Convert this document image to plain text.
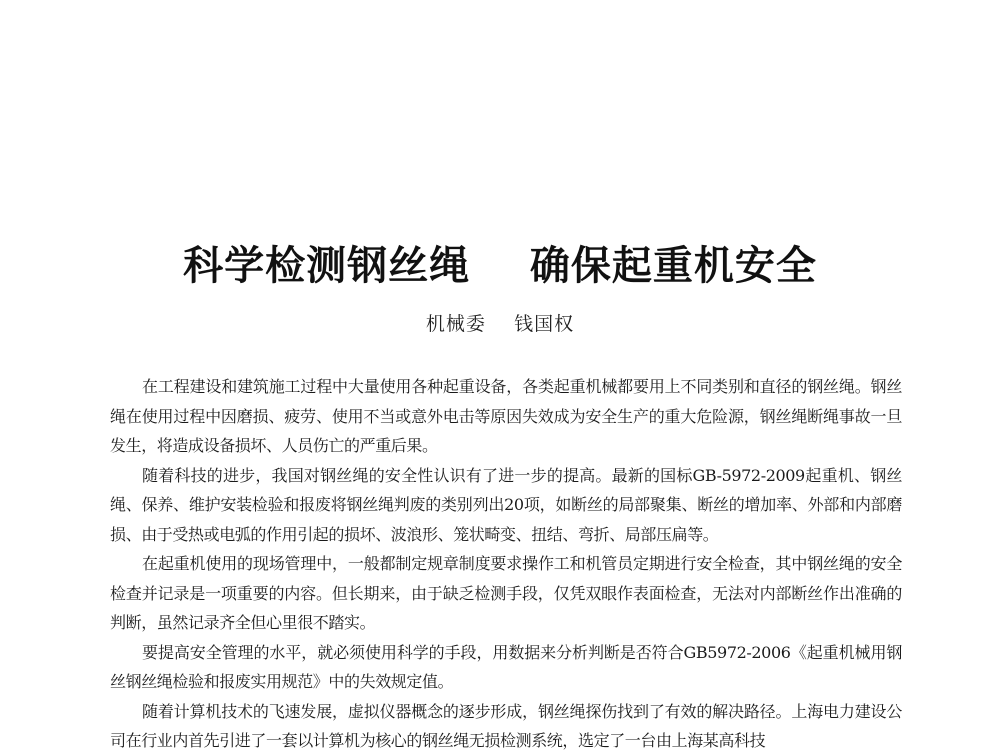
科学检测钢丝绳    确保起重机安全
机械委    钱国权

在工程建设和建筑施工过程中大量使用各种起重设备，各类起重机械都要用上不同类别和直径的钢丝绳。钢丝绳在使用过程中因磨损、疲劳、使用不当或意外电击等原因失效成为安全生产的重大危险源，钢丝绳断绳事故一旦发生，将造成设备损坏、人员伤亡的严重后果。

随着科技的进步，我国对钢丝绳的安全性认识有了进一步的提高。最新的国标GB-5972-2009起重机、钢丝绳、保养、维护安装检验和报废将钢丝绳判废的类别列出20项，如断丝的局部聚集、断丝的增加率、外部和内部磨损、由于受热或电弧的作用引起的损坏、波浪形、笼状畸变、扭结、弯折、局部压扁等。

在起重机使用的现场管理中，一般都制定规章制度要求操作工和机管员定期进行安全检查，其中钢丝绳的安全检查并记录是一项重要的内容。但长期来，由于缺乏检测手段，仅凭双眼作表面检查，无法对内部断丝作出准确的判断，虽然记录齐全但心里很不踏实。

要提高安全管理的水平，就必须使用科学的手段，用数据来分析判断是否符合GB5972-2006《起重机械用钢丝钢丝绳检验和报废实用规范》中的失效规定值。

随着计算机技术的飞速发展，虚拟仪器概念的逐步形成，钢丝绳探伤找到了有效的解决路径。上海电力建设公司在行业内首先引进了一套以计算机为核心的钢丝绳无损检测系统，选定了一台由上海某高科技
